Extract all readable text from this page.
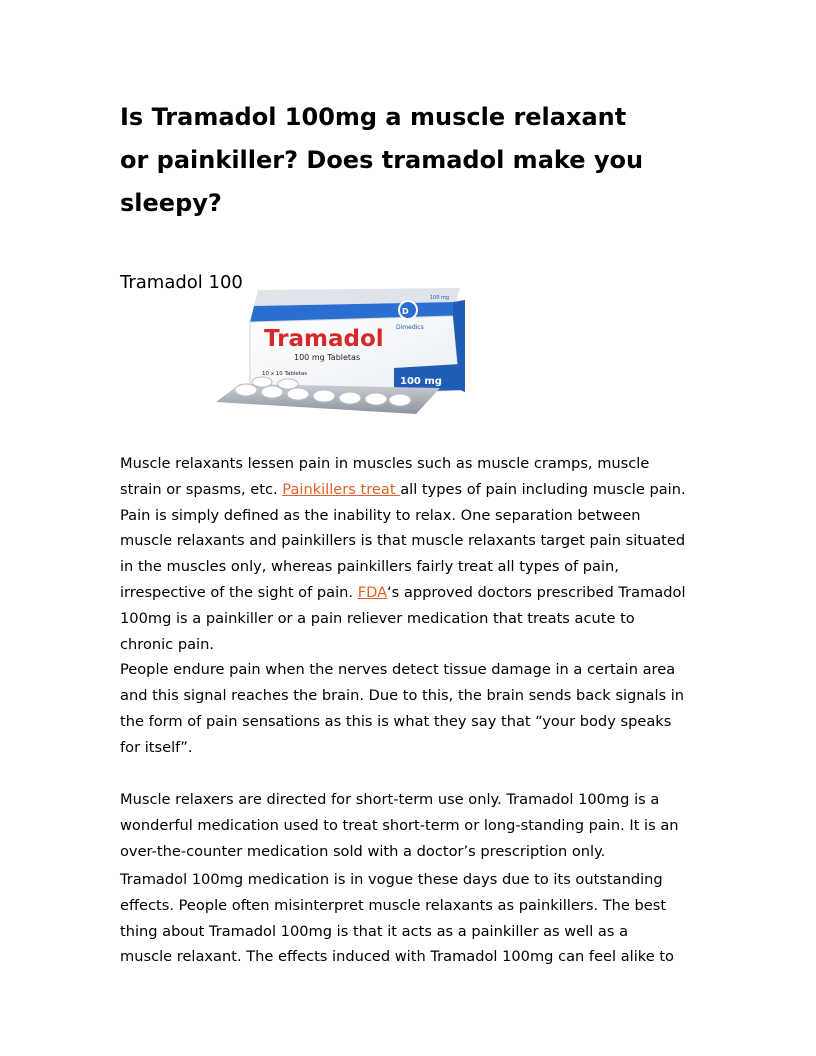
Is Tramadol 100mg a muscle relaxant
or painkiller? Does tramadol make you
sleepy?
Tramadol 100
D
Dimedics
Tramadol
100 mg Tabletas
10 x 10 Tabletas
100 mg
100 mg

Muscle relaxants lessen pain in muscles such as muscle cramps, muscle
strain or spasms, etc. Painkillers treat all types of pain including muscle pain.
Pain is simply defined as the inability to relax. One separation between
muscle relaxants and painkillers is that muscle relaxants target pain situated
in the muscles only, whereas painkillers fairly treat all types of pain,
irrespective of the sight of pain. FDA‘s approved doctors prescribed Tramadol
100mg is a painkiller or a pain reliever medication that treats acute to
chronic pain.
People endure pain when the nerves detect tissue damage in a certain area
and this signal reaches the brain. Due to this, the brain sends back signals in
the form of pain sensations as this is what they say that “your body speaks
for itself”.

Muscle relaxers are directed for short-term use only. Tramadol 100mg is a
wonderful medication used to treat short-term or long-standing pain. It is an
over-the-counter medication sold with a doctor’s prescription only.

Tramadol 100mg medication is in vogue these days due to its outstanding
effects. People often misinterpret muscle relaxants as painkillers. The best
thing about Tramadol 100mg is that it acts as a painkiller as well as a
muscle relaxant. The effects induced with Tramadol 100mg can feel alike to
